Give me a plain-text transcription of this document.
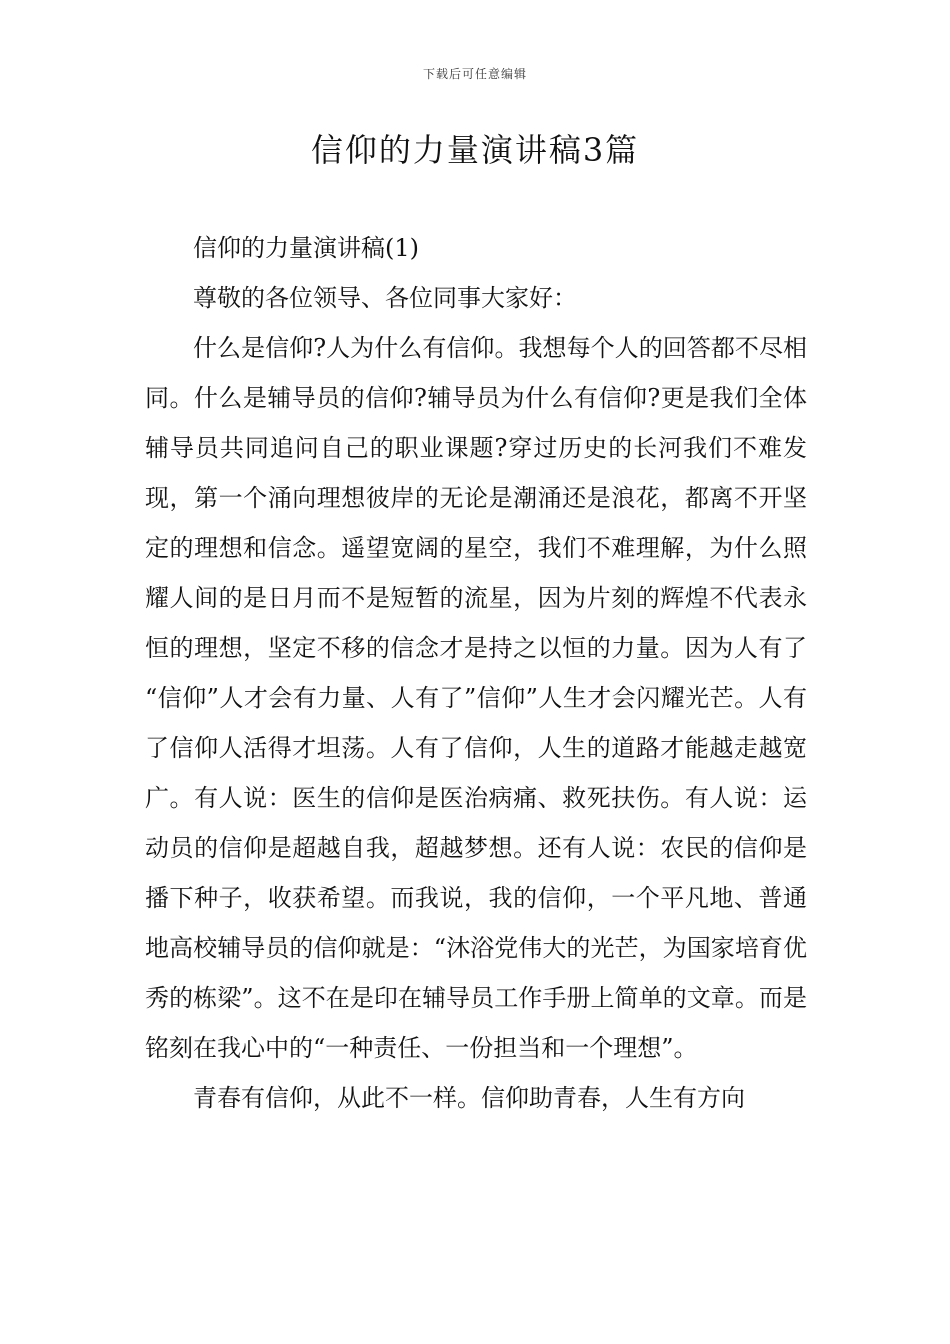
下载后可任意编辑
信仰的力量演讲稿3篇

信仰的力量演讲稿(1)

尊敬的各位领导、各位同事大家好：

什么是信仰?人为什么有信仰。我想每个人的回答都不尽相同。什么是辅导员的信仰?辅导员为什么有信仰?更是我们全体辅导员共同追问自己的职业课题?穿过历史的长河我们不难发现，第一个涌向理想彼岸的无论是潮涌还是浪花，都离不开坚定的理想和信念。遥望宽阔的星空，我们不难理解，为什么照耀人间的是日月而不是短暂的流星，因为片刻的辉煌不代表永恒的理想，坚定不移的信念才是持之以恒的力量。因为人有了 “信仰”人才会有力量、人有了”信仰”人生才会闪耀光芒。人有了信仰人活得才坦荡。人有了信仰，人生的道路才能越走越宽广。有人说：医生的信仰是医治病痛、救死扶伤。有人说：运动员的信仰是超越自我，超越梦想。还有人说：农民的信仰是播下种子，收获希望。而我说，我的信仰，一个平凡地、普通地高校辅导员的信仰就是：“沐浴党伟大的光芒，为国家培育优秀的栋梁”。这不在是印在辅导员工作手册上简单的文章。而是铭刻在我心中的“一种责任、一份担当和一个理想”。

青春有信仰，从此不一样。信仰助青春，人生有方向
